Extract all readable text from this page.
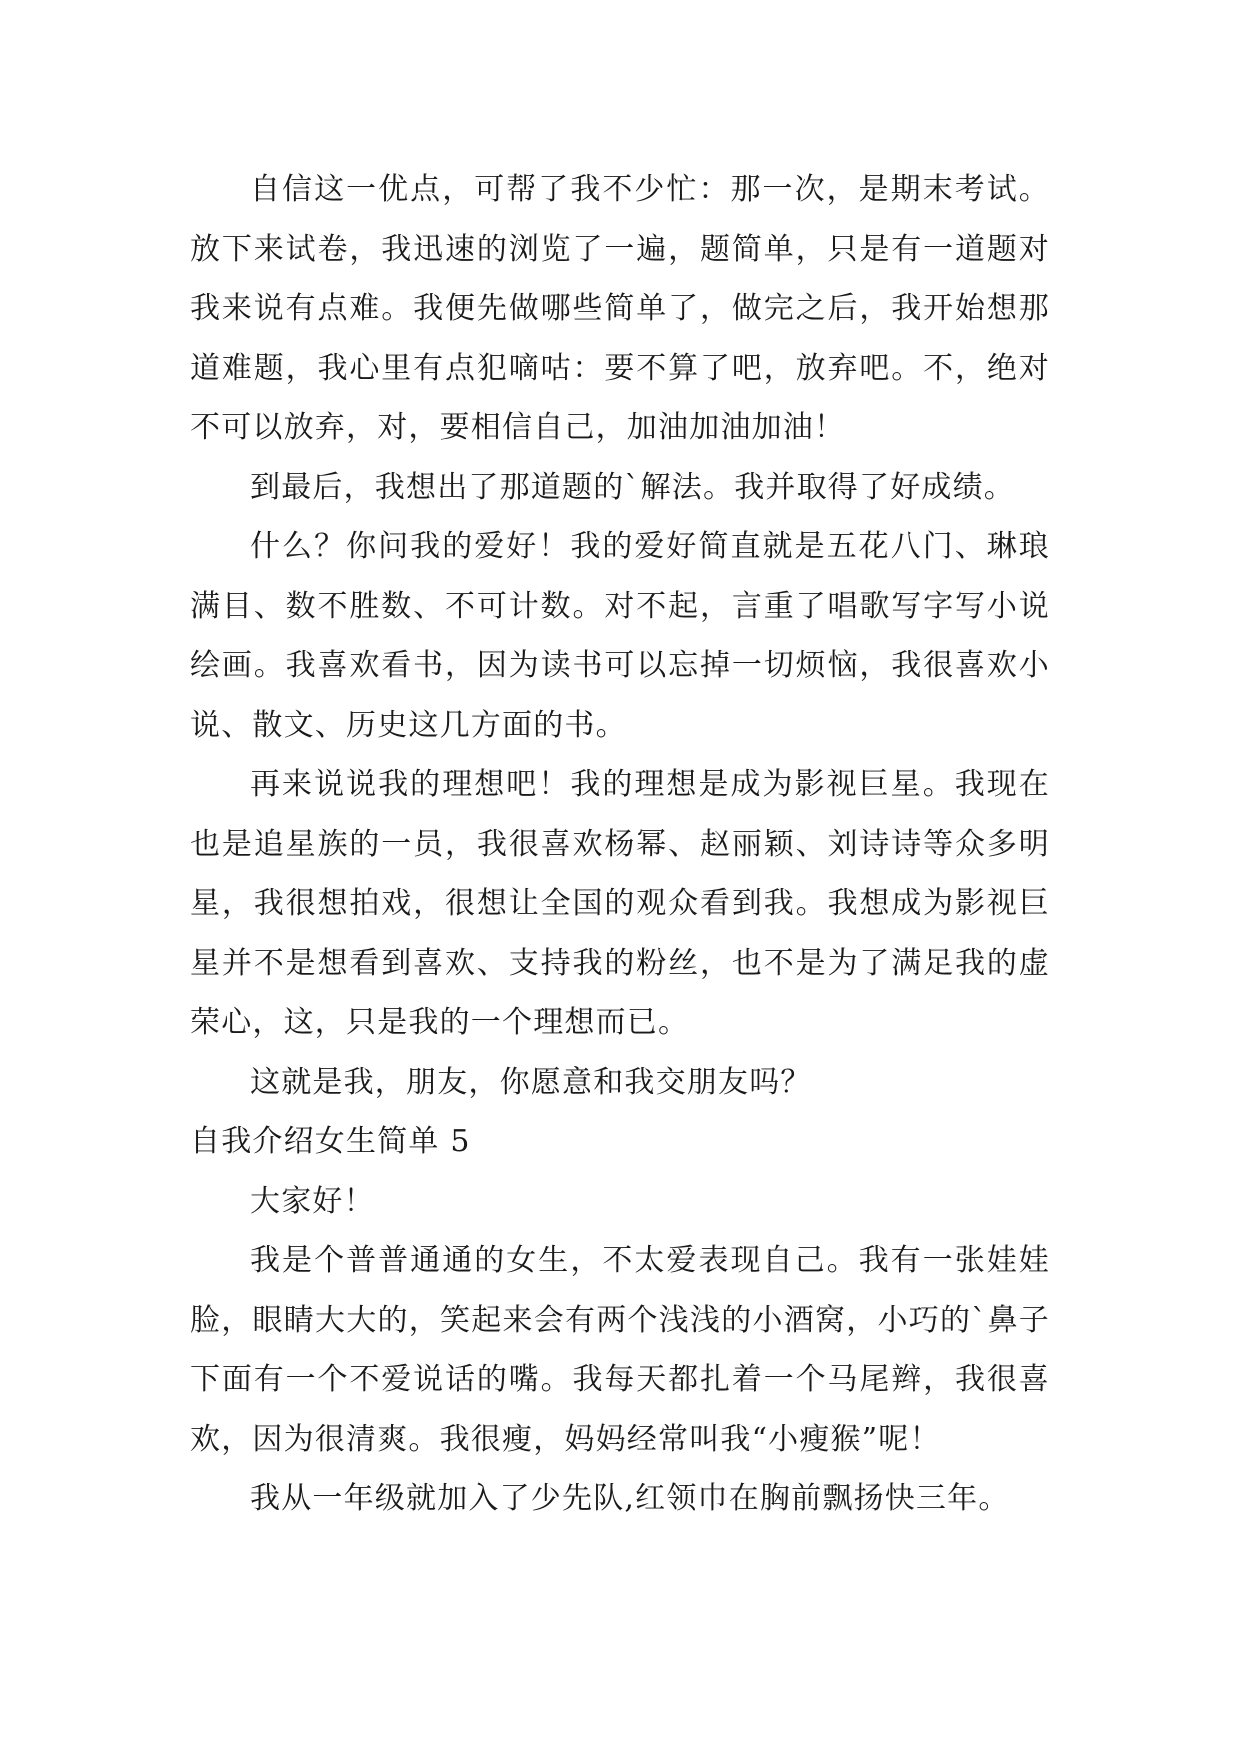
自信这一优点，可帮了我不少忙：那一次，是期末考试。放下来试卷，我迅速的浏览了一遍，题简单，只是有一道题对我来说有点难。我便先做哪些简单了，做完之后，我开始想那道难题，我心里有点犯嘀咕：要不算了吧，放弃吧。不，绝对不可以放弃，对，要相信自己，加油加油加油！

到最后，我想出了那道题的`解法。我并取得了好成绩。

什么？你问我的爱好！我的爱好简直就是五花八门、琳琅满目、数不胜数、不可计数。对不起，言重了唱歌写字写小说绘画。我喜欢看书，因为读书可以忘掉一切烦恼，我很喜欢小说、散文、历史这几方面的书。

再来说说我的理想吧！我的理想是成为影视巨星。我现在也是追星族的一员，我很喜欢杨幂、赵丽颖、刘诗诗等众多明星，我很想拍戏，很想让全国的观众看到我。我想成为影视巨星并不是想看到喜欢、支持我的粉丝，也不是为了满足我的虚荣心，这，只是我的一个理想而已。

这就是我，朋友，你愿意和我交朋友吗？

自我介绍女生简单 5

大家好！

我是个普普通通的女生，不太爱表现自己。我有一张娃娃脸，眼睛大大的，笑起来会有两个浅浅的小酒窝，小巧的`鼻子下面有一个不爱说话的嘴。我每天都扎着一个马尾辫，我很喜欢，因为很清爽。我很瘦，妈妈经常叫我“小瘦猴”呢！

我从一年级就加入了少先队,红领巾在胸前飘扬快三年。
